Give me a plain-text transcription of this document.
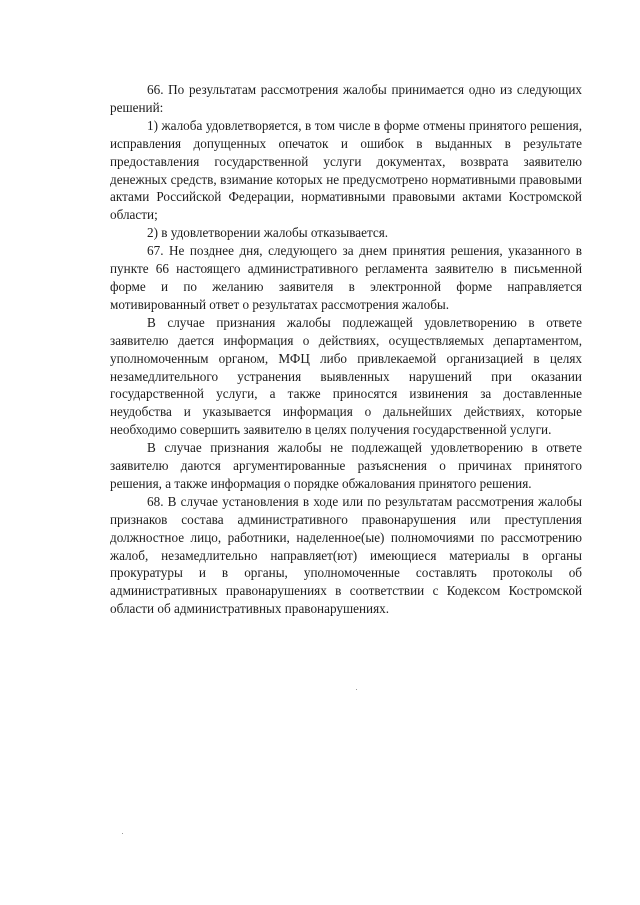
66. По результатам рассмотрения жалобы принимается одно из следующих решений:

1) жалоба удовлетворяется, в том числе в форме отмены принятого решения, исправления допущенных опечаток и ошибок в выданных в результате предоставления государственной услуги документах, возврата заявителю денежных средств, взимание которых не предусмотрено нормативными правовыми актами Российской Федерации, нормативными правовыми актами Костромской области;

2) в удовлетворении жалобы отказывается.

67. Не позднее дня, следующего за днем принятия решения, указанного в пункте 66 настоящего административного регламента заявителю в письменной форме и по желанию заявителя в электронной форме направляется мотивированный ответ о результатах рассмотрения жалобы.

В случае признания жалобы подлежащей удовлетворению в ответе заявителю дается информация о действиях, осуществляемых департаментом, уполномоченным органом, МФЦ либо привлекаемой организацией в целях незамедлительного устранения выявленных нарушений при оказании государственной услуги, а также приносятся извинения за доставленные неудобства и указывается информация о дальнейших действиях, которые необходимо совершить заявителю в целях получения государственной услуги.

В случае признания жалобы не подлежащей удовлетворению в ответе заявителю даются аргументированные разъяснения о причинах принятого решения, а также информация о порядке обжалования принятого решения.

68. В случае установления в ходе или по результатам рассмотрения жалобы признаков состава административного правонарушения или преступления должностное лицо, работники, наделенное(ые) полномочиями по рассмотрению жалоб, незамедлительно направляет(ют) имеющиеся материалы в органы прокуратуры и в органы, уполномоченные составлять протоколы об административных правонарушениях в соответствии с Кодексом Костромской области об административных правонарушениях.
